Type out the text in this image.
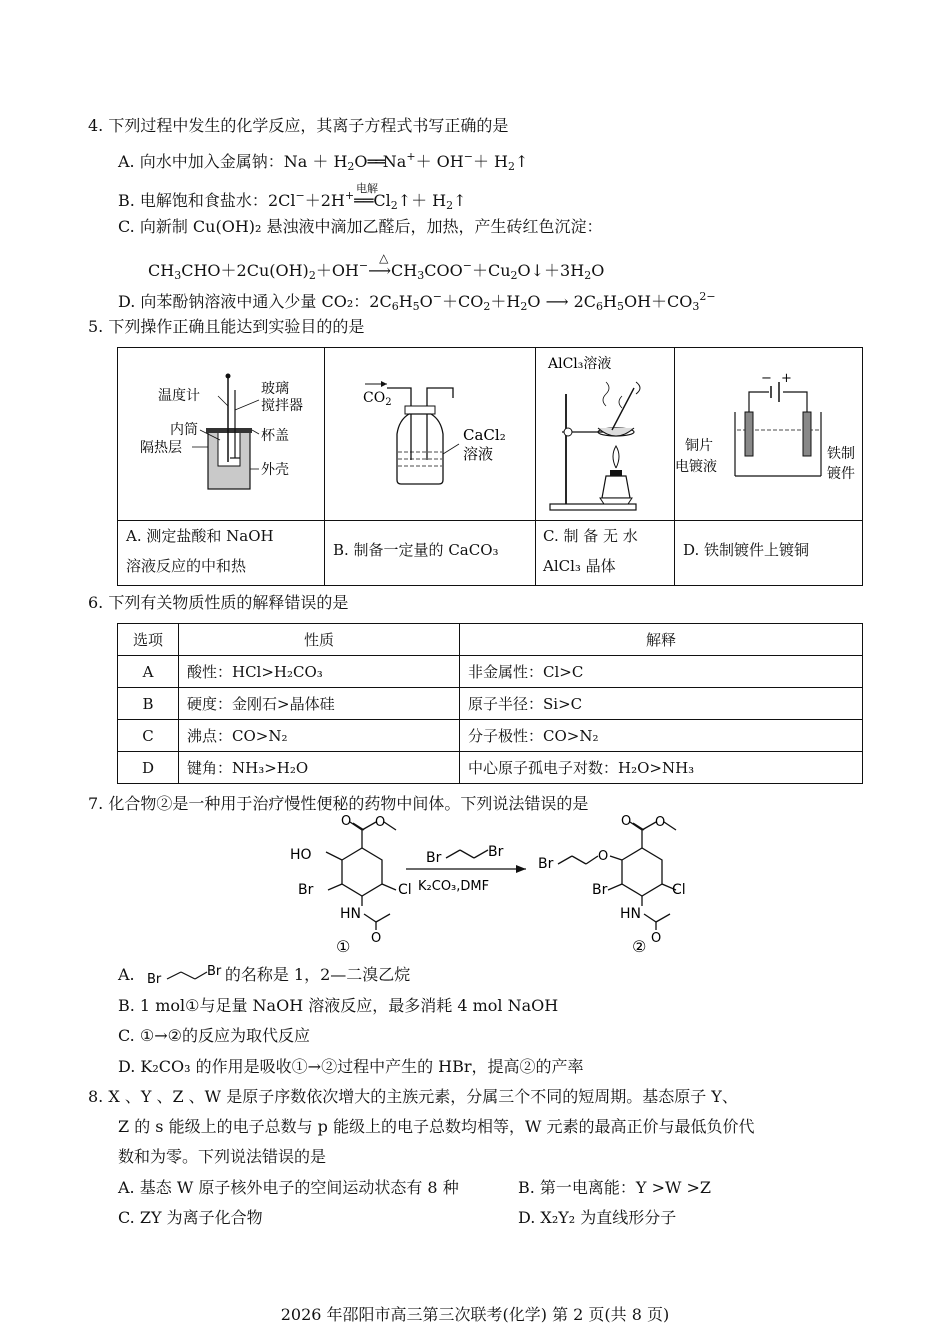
4. 下列过程中发生的化学反应，其离子方程式书写正确的是
A. 向水中加入金属钠：$Na + H_2O══Na^++ OH^-+$ $H_2↑$
B. 电解饱和食盐水：2Cl−＋2H+
电解
$══Cl_2↑+$ $H_2↑$
C. 向新制 Cu(OH)₂ 悬浊液中滴加乙醛后，加热，产生砖红色沉淀：
$CH_3CHO+2Cu(OH)_2+OH^-$
△
$⟶CH_3COO^-+Cu_2O↓+3H_2O$
D. 向苯酚钠溶液中通入少量 CO₂：$2C_6H_5O^-+CO_2+H_2O$ ⟶ $2C_6H_5OH+CO_3^{2-}$
5. 下列操作正确且能达到实验目的的是
温度计	玻璃
搅拌器
内筒	杯盖
隔热层
外壳
$CO_2$
CaCl₂
溶液
AlCl₃溶液
− +
铜片
电镀液
铁制
镀件
A. 测定盐酸和 NaOH
溶液反应的中和热
B. 制备一定量的 CaCO₃
C. 制 备 无 水
AlCl₃ 晶体
D. 铁制镀件上镀铜
6. 下列有关物质性质的解释错误的是
选项	性质	解释
A	酸性：HCl>H₂CO₃	非金属性：Cl>C
B	硬度：金刚石>晶体硅	原子半径：Si>C
C	沸点：CO>N₂	分子极性：CO>N₂
D	键角：NH₃>H₂O	中心原子孤电子对数：H₂O>NH₃
7. 化合物②是一种用于治疗慢性便秘的药物中间体。下列说法错误的是
O O
HO
Br	Cl
HN
O
①
Br	Br
K₂CO₃,DMF
Br	O
O O
Br	Cl
HN
O
②
A. Br
Br 的名称是 1，2—二溴乙烷
B. 1 mol①与足量 NaOH 溶液反应，最多消耗 4 mol NaOH
C. ①→②的反应为取代反应
D. K₂CO₃ 的作用是吸收①→②过程中产生的 HBr，提高②的产率
8. X 、Y 、Z 、W 是原子序数依次增大的主族元素，分属三个不同的短周期。基态原子 Y、
Z 的 s 能级上的电子总数与 p 能级上的电子总数均相等，W 元素的最高正价与最低负价代
数和为零。下列说法错误的是
A. 基态 W 原子核外电子的空间运动状态有 8 种	B. 第一电离能：Y >W >Z
C. ZY 为离子化合物	D. X₂Y₂ 为直线形分子
2026 年邵阳市高三第三次联考(化学) 第 2 页(共 8 页)
